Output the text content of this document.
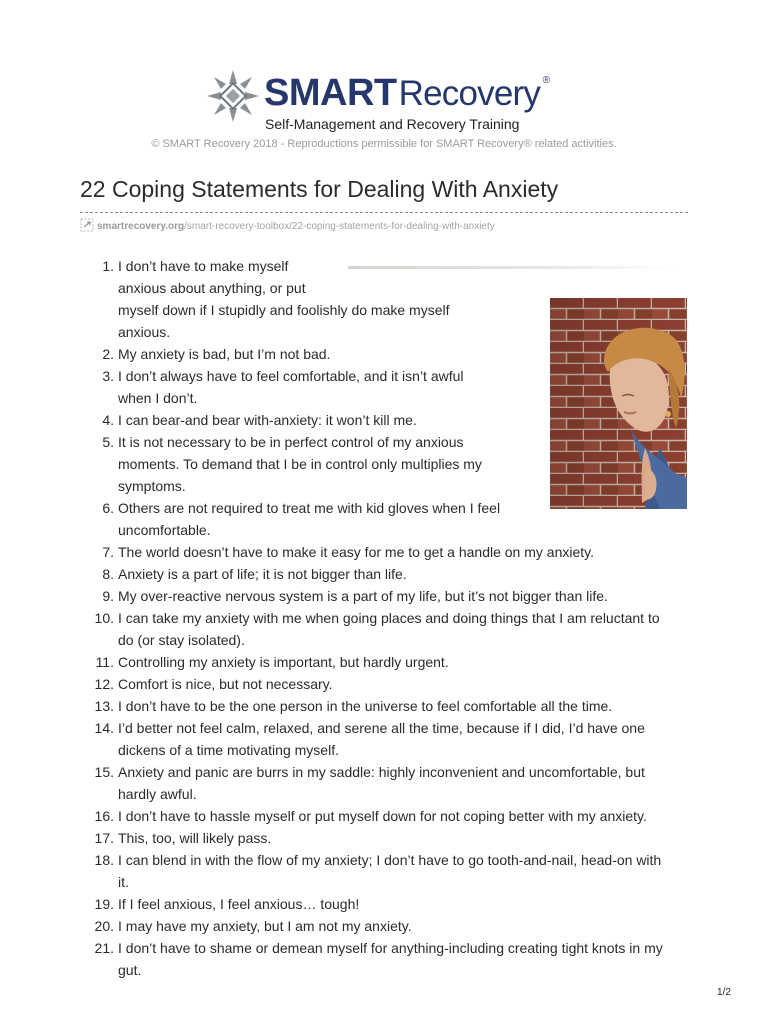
SMARTRecovery ®
Self-Management and Recovery Training
© SMART Recovery 2018 - Reproductions permissible for SMART Recovery® related activities.
22 Coping Statements for Dealing With Anxiety
smartrecovery.org/smart-recovery-toolbox/22-coping-statements-for-dealing-with-anxiety
1. I don’t have to make myself
anxious about anything, or put
myself down if I stupidly and foolishly do make myself
anxious.
2. My anxiety is bad, but I’m not bad.
3. I don’t always have to feel comfortable, and it isn’t awful
when I don’t.
4. I can bear-and bear with-anxiety: it won’t kill me.
5. It is not necessary to be in perfect control of my anxious
moments. To demand that I be in control only multiplies my
symptoms.
6. Others are not required to treat me with kid gloves when I feel
uncomfortable.
7. The world doesn’t have to make it easy for me to get a handle on my anxiety.
8. Anxiety is a part of life; it is not bigger than life.
9. My over-reactive nervous system is a part of my life, but it’s not bigger than life.
10. I can take my anxiety with me when going places and doing things that I am reluctant to
do (or stay isolated).
11. Controlling my anxiety is important, but hardly urgent.
12. Comfort is nice, but not necessary.
13. I don’t have to be the one person in the universe to feel comfortable all the time.
14. I’d better not feel calm, relaxed, and serene all the time, because if I did, I’d have one
dickens of a time motivating myself.
15. Anxiety and panic are burrs in my saddle: highly inconvenient and uncomfortable, but
hardly awful.
16. I don’t have to hassle myself or put myself down for not coping better with my anxiety.
17. This, too, will likely pass.
18. I can blend in with the flow of my anxiety; I don’t have to go tooth-and-nail, head-on with
it.
19. If I feel anxious, I feel anxious… tough!
20. I may have my anxiety, but I am not my anxiety.
21. I don’t have to shame or demean myself for anything-including creating tight knots in my
gut.
1/2
